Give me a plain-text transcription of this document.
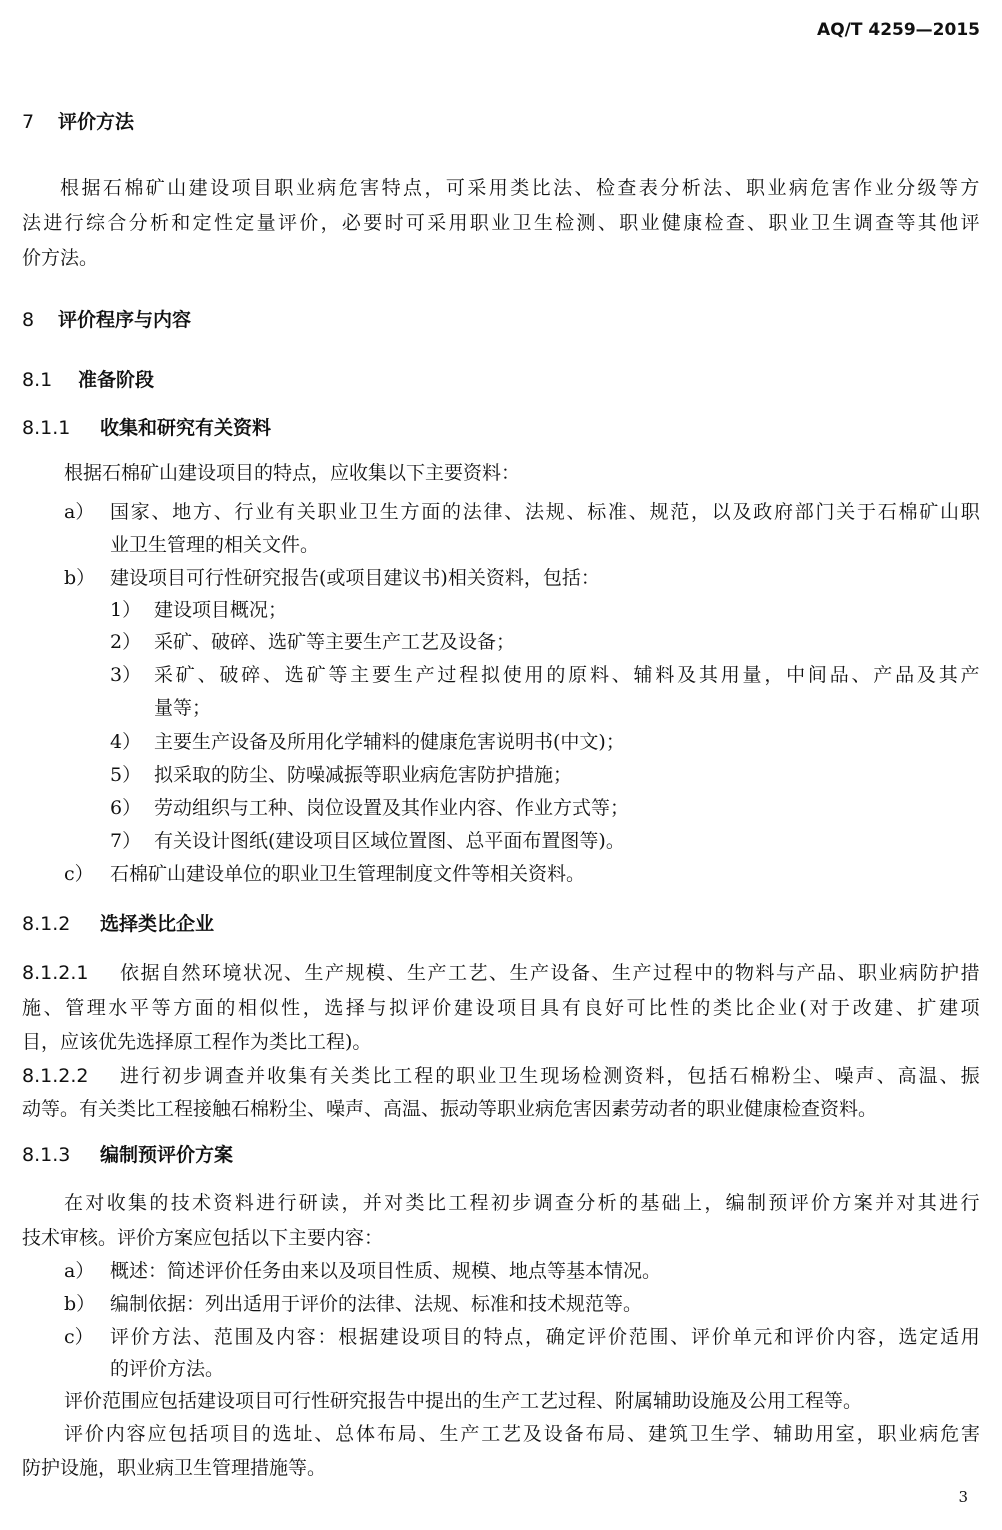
AQ/T 4259—2015
7 评价方法
根 据 石 棉 矿 山 建 设 项 目 职 业 病 危 害 特 点 ， 可 采 用 类 比 法 、 检 查 表 分 析 法 、 职 业 病 危 害 作 业 分 级 等 方
法 进 行 综 合 分 析 和 定 性 定 量 评 价 ， 必 要 时 可 采 用 职 业 卫 生 检 测 、 职 业 健 康 检 查 、 职 业 卫 生 调 查 等 其 他 评
价方法。
8 评价程序与内容
8.1 准备阶段
8.1.1 收集和研究有关资料
根据石棉矿山建设项目的特点，应收集以下主要资料：
a） 国 家 、 地 方 、 行 业 有 关 职 业 卫 生 方 面 的 法 律 、 法 规 、 标 准 、 规 范 ， 以 及 政 府 部 门 关 于 石 棉 矿 山 职
业卫生管理的相关文件。
b） 建设项目可行性研究报告(或项目建议书)相关资料，包括：
1） 建设项目概况；
2） 采矿、破碎、选矿等主要生产工艺及设备；
3） 采 矿 、 破 碎 、 选 矿 等 主 要 生 产 过 程 拟 使 用 的 原 料 、 辅 料 及 其 用 量 ， 中 间 品 、 产 品 及 其 产
量等；
4） 主要生产设备及所用化学辅料的健康危害说明书(中文)；
5） 拟采取的防尘、防噪减振等职业病危害防护措施；
6） 劳动组织与工种、岗位设置及其作业内容、作业方式等；
7） 有关设计图纸(建设项目区域位置图、总平面布置图等)。
c） 石棉矿山建设单位的职业卫生管理制度文件等相关资料。
8.1.2 选择类比企业
8.1.2.1 依 据 自 然 环 境 状 况 、 生 产 规 模 、 生 产 工 艺 、 生 产 设 备 、 生 产 过 程 中 的 物 料 与 产 品 、 职 业 病 防 护 措
施 、 管 理 水 平 等 方 面 的 相 似 性 ， 选 择 与 拟 评 价 建 设 项 目 具 有 良 好 可 比 性 的 类 比 企 业 ( 对 于 改 建 、 扩 建 项
目，应该优先选择原工程作为类比工程)。
8.1.2.2 进 行 初 步 调 查 并 收 集 有 关 类 比 工 程 的 职 业 卫 生 现 场 检 测 资 料 ， 包 括 石 棉 粉 尘 、 噪 声 、 高 温 、 振
动等。有关类比工程接触石棉粉尘、噪声、高温、振动等职业病危害因素劳动者的职业健康检查资料。
8.1.3 编制预评价方案
在 对 收 集 的 技 术 资 料 进 行 研 读 ， 并 对 类 比 工 程 初 步 调 查 分 析 的 基 础 上 ， 编 制 预 评 价 方 案 并 对 其 进 行
技术审核。评价方案应包括以下主要内容：
a） 概述：简述评价任务由来以及项目性质、规模、地点等基本情况。
b） 编制依据：列出适用于评价的法律、法规、标准和技术规范等。
c） 评 价 方 法 、 范 围 及 内 容 ： 根 据 建 设 项 目 的 特 点 ， 确 定 评 价 范 围 、 评 价 单 元 和 评 价 内 容 ， 选 定 适 用
的评价方法。
评价范围应包括建设项目可行性研究报告中提出的生产工艺过程、附属辅助设施及公用工程等。
评 价 内 容 应 包 括 项 目 的 选 址 、 总 体 布 局 、 生 产 工 艺 及 设 备 布 局 、 建 筑 卫 生 学 、 辅 助 用 室 ， 职 业 病 危 害
防护设施，职业病卫生管理措施等。
3
